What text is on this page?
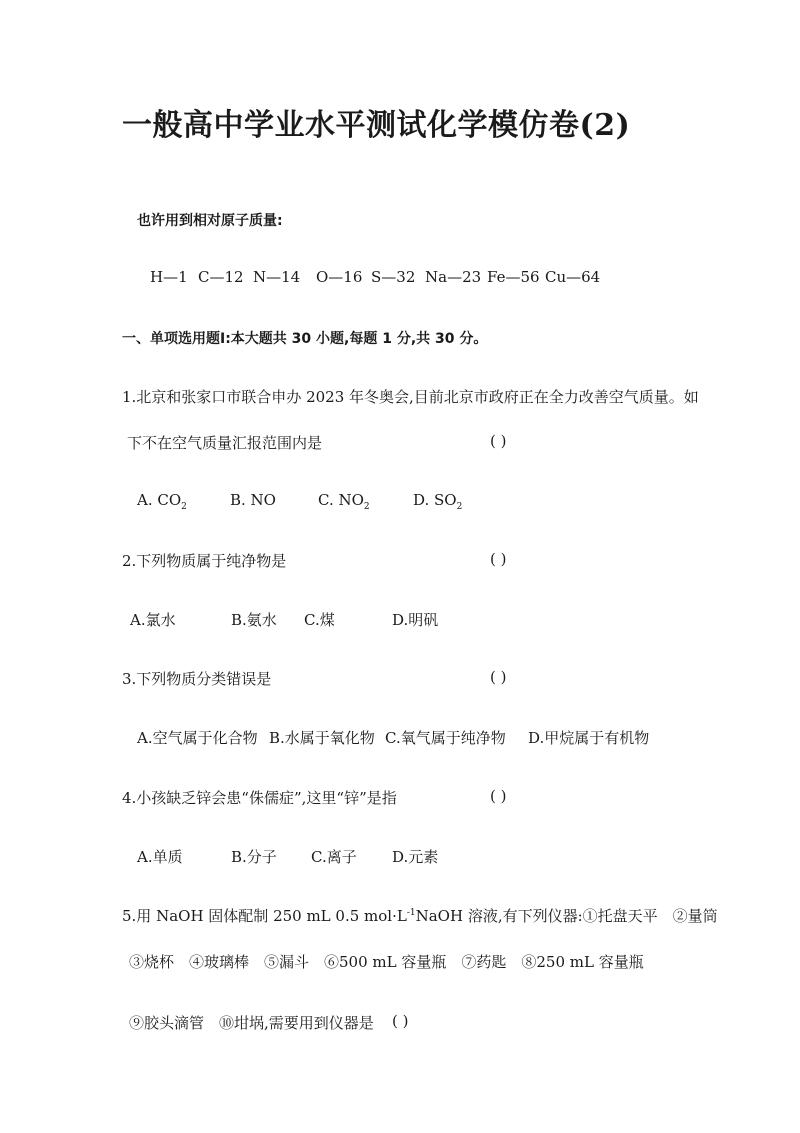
一般高中学业水平测试化学模仿卷(2)
也许用到相对原子质量:
H—1 C—12 N—14 O—16 S—32 Na—23 Fe—56 Cu—64
一、单项选用题Ⅰ:本大题共 30 小题,每题 1 分,共 30 分。
1.北京和张家口市联合申办 2023 年冬奥会,目前北京市政府正在全力改善空气质量。如
下不在空气质量汇报范围内是	( )
A. $CO_2$	B. NO	C. $NO_2$	D. $SO_2$
2.下列物质属于纯净物是	( )
A.氯水	B.氨水 C.煤	D.明矾
3.下列物质分类错误是	( )
A.空气属于化合物 B.水属于氧化物 C.氧气属于纯净物 D.甲烷属于有机物
4.小孩缺乏锌会患“侏儒症”,这里“锌”是指	( )
A.单质	B.分子 C.离子 D.元素
5.用 NaOH 固体配制 250 mL 0.5 $mol\cdot L^{-1}NaOH$ 溶液,有下列仪器:①托盘天平　②量筒
③烧杯　④玻璃棒　⑤漏斗　⑥500 mL 容量瓶　⑦药匙　⑧250 mL 容量瓶
⑨胶头滴管　⑩坩埚,需要用到仪器是 ( )
